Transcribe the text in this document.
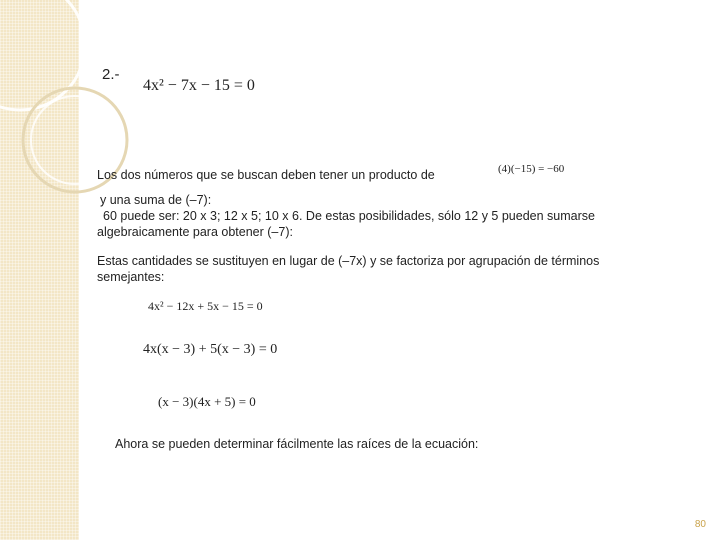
2.-
4x² − 7x − 15 = 0
Los dos números que se buscan deben tener un producto de	(4)(−15) = −60
y una suma de (–7):
60 puede ser: 20 x 3; 12 x 5; 10 x 6. De estas posibilidades, sólo 12 y 5 pueden sumarse
algebraicamente para obtener (–7):
Estas cantidades se sustituyen en lugar de (–7x) y se factoriza por agrupación de términos
semejantes:
4x² − 12x + 5x − 15 = 0
4x(x − 3) + 5(x − 3) = 0
(x − 3)(4x + 5) = 0
Ahora se pueden determinar fácilmente las raíces de la ecuación:
80
